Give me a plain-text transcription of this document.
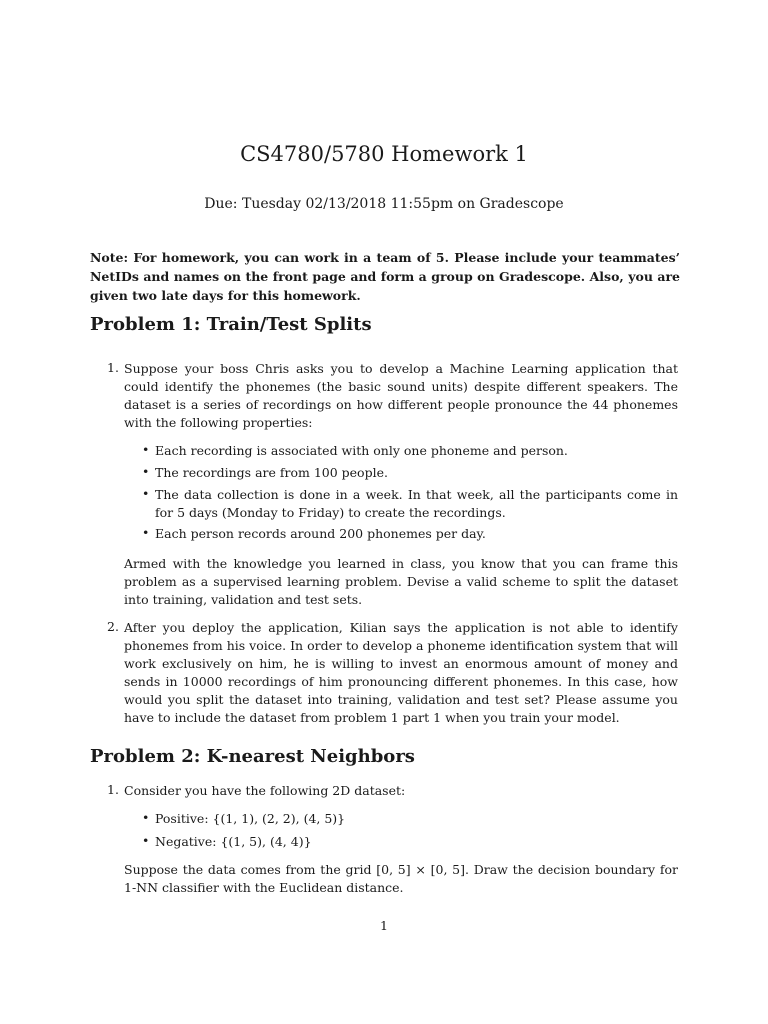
CS4780/5780 Homework 1

Due: Tuesday 02/13/2018 11:55pm on Gradescope

Note: For homework, you can work in a team of 5. Please include your teammates’ NetIDs and names on the front page and form a group on Gradescope. Also, you are given two late days for this homework.

Problem 1: Train/Test Splits
1. Suppose your boss Chris asks you to develop a Machine Learning application that could identify the phonemes (the basic sound units) despite different speakers. The dataset is a series of recordings on how different people pronounce the 44 phonemes with the following properties:

• Each recording is associated with only one phoneme and person.

• The recordings are from 100 people.

• The data collection is done in a week. In that week, all the participants come in for 5 days (Monday to Friday) to create the recordings.

• Each person records around 200 phonemes per day.

Armed with the knowledge you learned in class, you know that you can frame this problem as a supervised learning problem. Devise a valid scheme to split the dataset into training, validation and test sets.

2. After you deploy the application, Kilian says the application is not able to identify phonemes from his voice. In order to develop a phoneme identification system that will work exclusively on him, he is willing to invest an enormous amount of money and sends in 10000 recordings of him pronouncing different phonemes. In this case, how would you split the dataset into training, validation and test set? Please assume you have to include the dataset from problem 1 part 1 when you train your model.

Problem 2: K-nearest Neighbors
1. Consider you have the following 2D dataset:

• Positive: {(1, 1), (2, 2), (4, 5)}

• Negative: {(1, 5), (4, 4)}

Suppose the data comes from the grid [0, 5] × [0, 5]. Draw the decision boundary for 1-NN classifier with the Euclidean distance.

1
